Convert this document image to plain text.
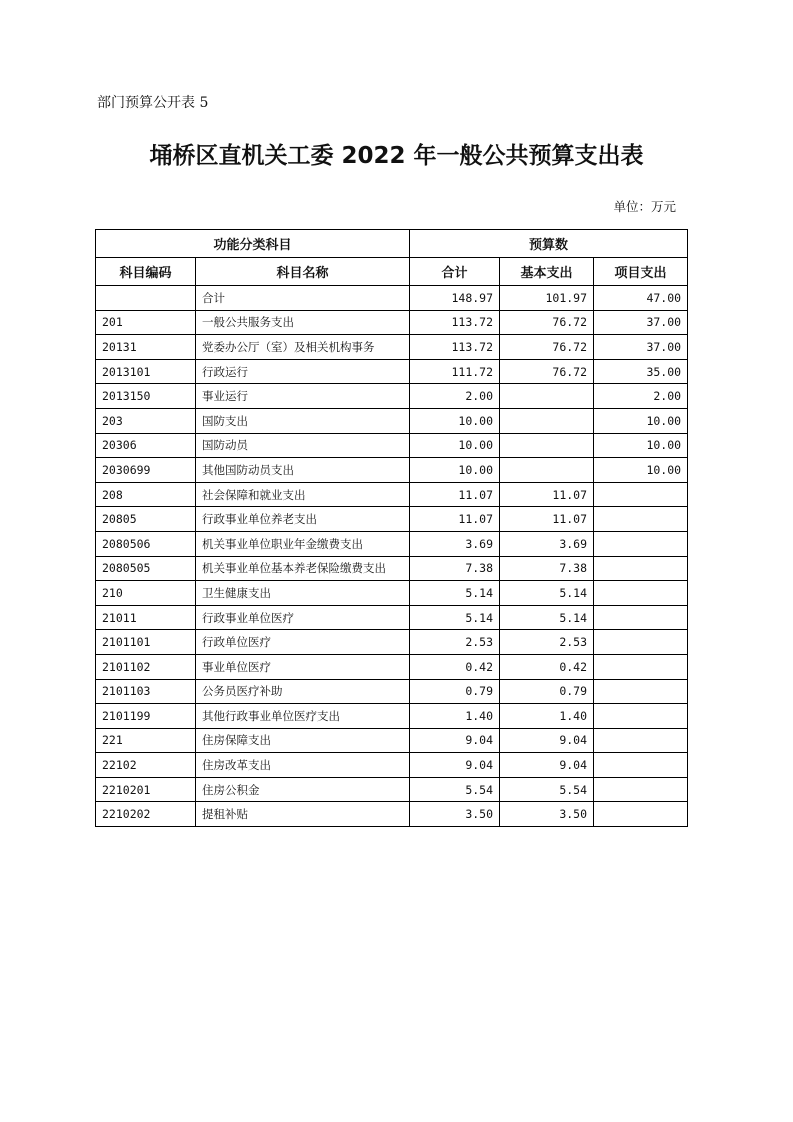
部门预算公开表 5
埇桥区直机关工委 2022 年一般公共预算支出表
单位：万元
功能分类科目		预算数		
科目编码	科目名称	合计	基本支出	项目支出
	合计	148.97	101.97	47.00
201	一般公共服务支出	113.72	76.72	37.00
20131	党委办公厅（室）及相关机构事务	113.72	76.72	37.00
2013101	行政运行	111.72	76.72	35.00
2013150	事业运行	2.00		2.00
203	国防支出	10.00		10.00
20306	国防动员	10.00		10.00
2030699	其他国防动员支出	10.00		10.00
208	社会保障和就业支出	11.07	11.07	
20805	行政事业单位养老支出	11.07	11.07	
2080506	机关事业单位职业年金缴费支出	3.69	3.69	
2080505	机关事业单位基本养老保险缴费支出	7.38	7.38	
210	卫生健康支出	5.14	5.14	
21011	行政事业单位医疗	5.14	5.14	
2101101	行政单位医疗	2.53	2.53	
2101102	事业单位医疗	0.42	0.42	
2101103	公务员医疗补助	0.79	0.79	
2101199	其他行政事业单位医疗支出	1.40	1.40	
221	住房保障支出	9.04	9.04	
22102	住房改革支出	9.04	9.04	
2210201	住房公积金	5.54	5.54	
2210202	提租补贴	3.50	3.50	
